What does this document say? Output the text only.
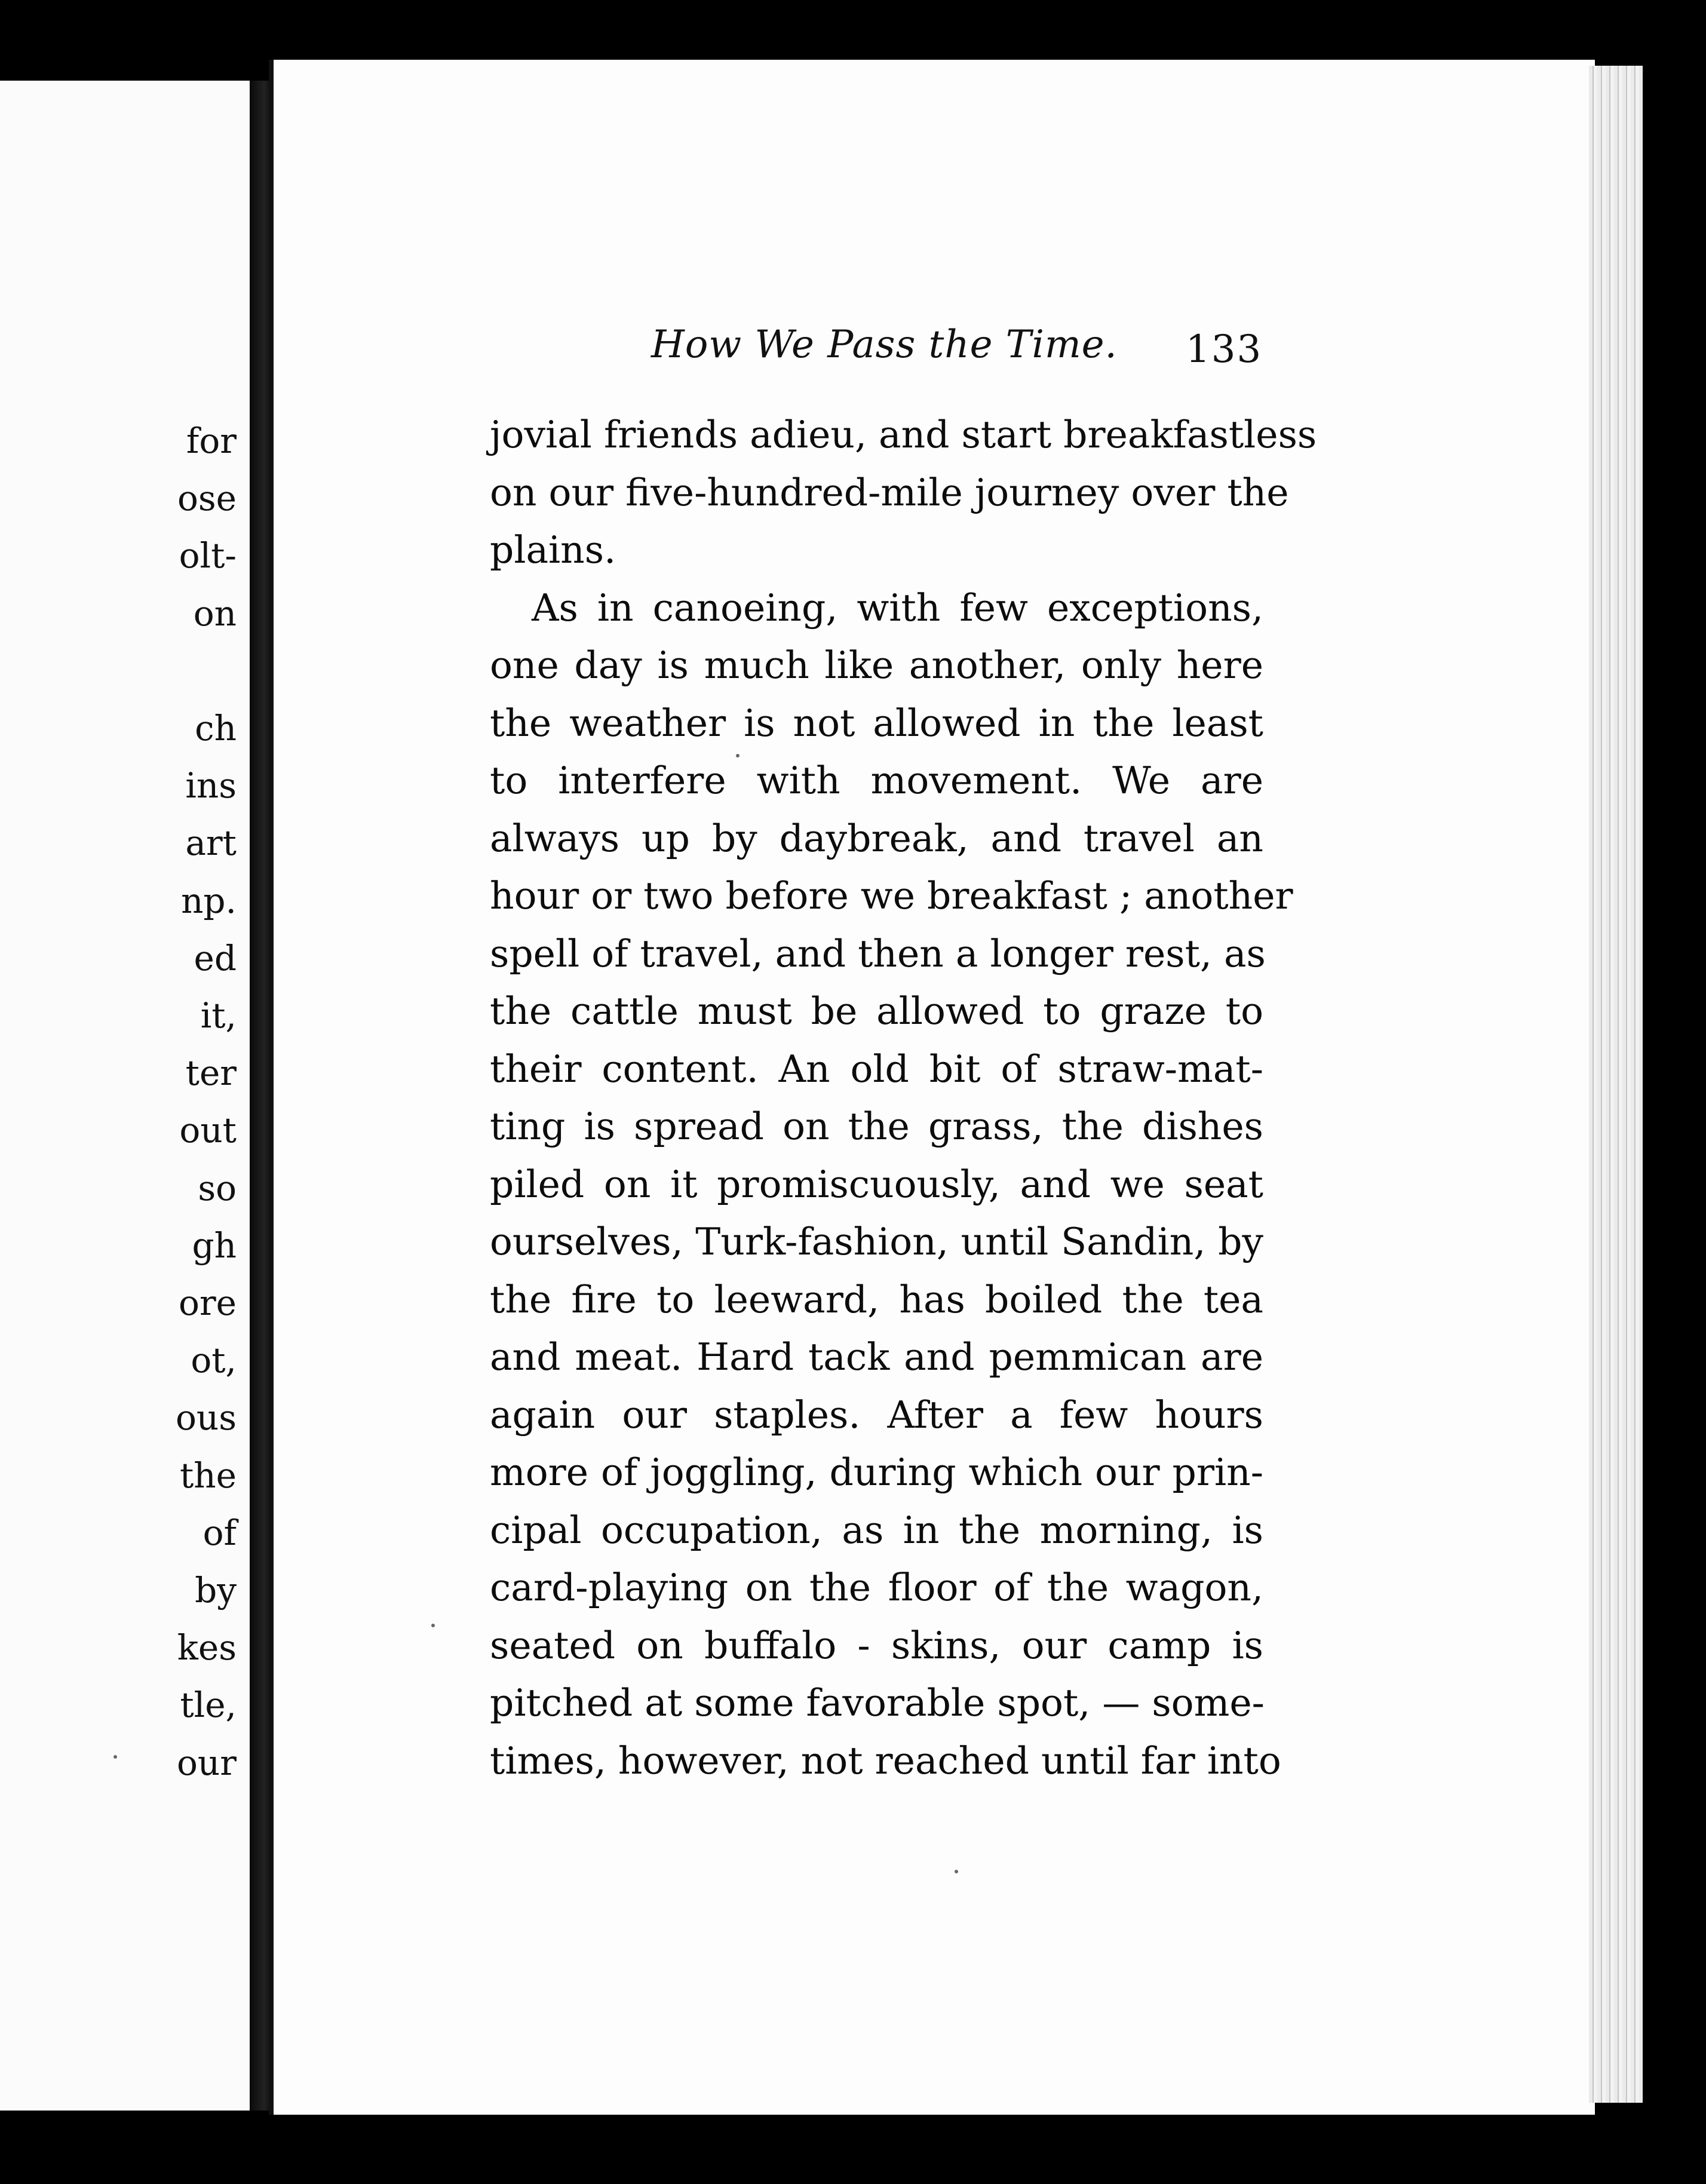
for
ose
olt-
on
ch
ins
art
np.
ed
it,
ter
out
so
gh
ore
ot,
ous
the
of
by
kes
tle,
our
How We Pass the Time. 133
jovial friends adieu, and start breakfastless
on our five-hundred-mile journey over the
plains.
As in canoeing, with few exceptions,
one day is much like another, only here
the weather is not allowed in the least
to interfere with movement. We are
always up by daybreak, and travel an
hour or two before we breakfast ; another
spell of travel, and then a longer rest, as
the cattle must be allowed to graze to
their content. An old bit of straw-mat-
ting is spread on the grass, the dishes
piled on it promiscuously, and we seat
ourselves, Turk-fashion, until Sandin, by
the fire to leeward, has boiled the tea
and meat. Hard tack and pemmican are
again our staples. After a few hours
more of joggling, during which our prin-
cipal occupation, as in the morning, is
card-playing on the floor of the wagon,
seated on buffalo - skins, our camp is
pitched at some favorable spot, — some-
times, however, not reached until far into
